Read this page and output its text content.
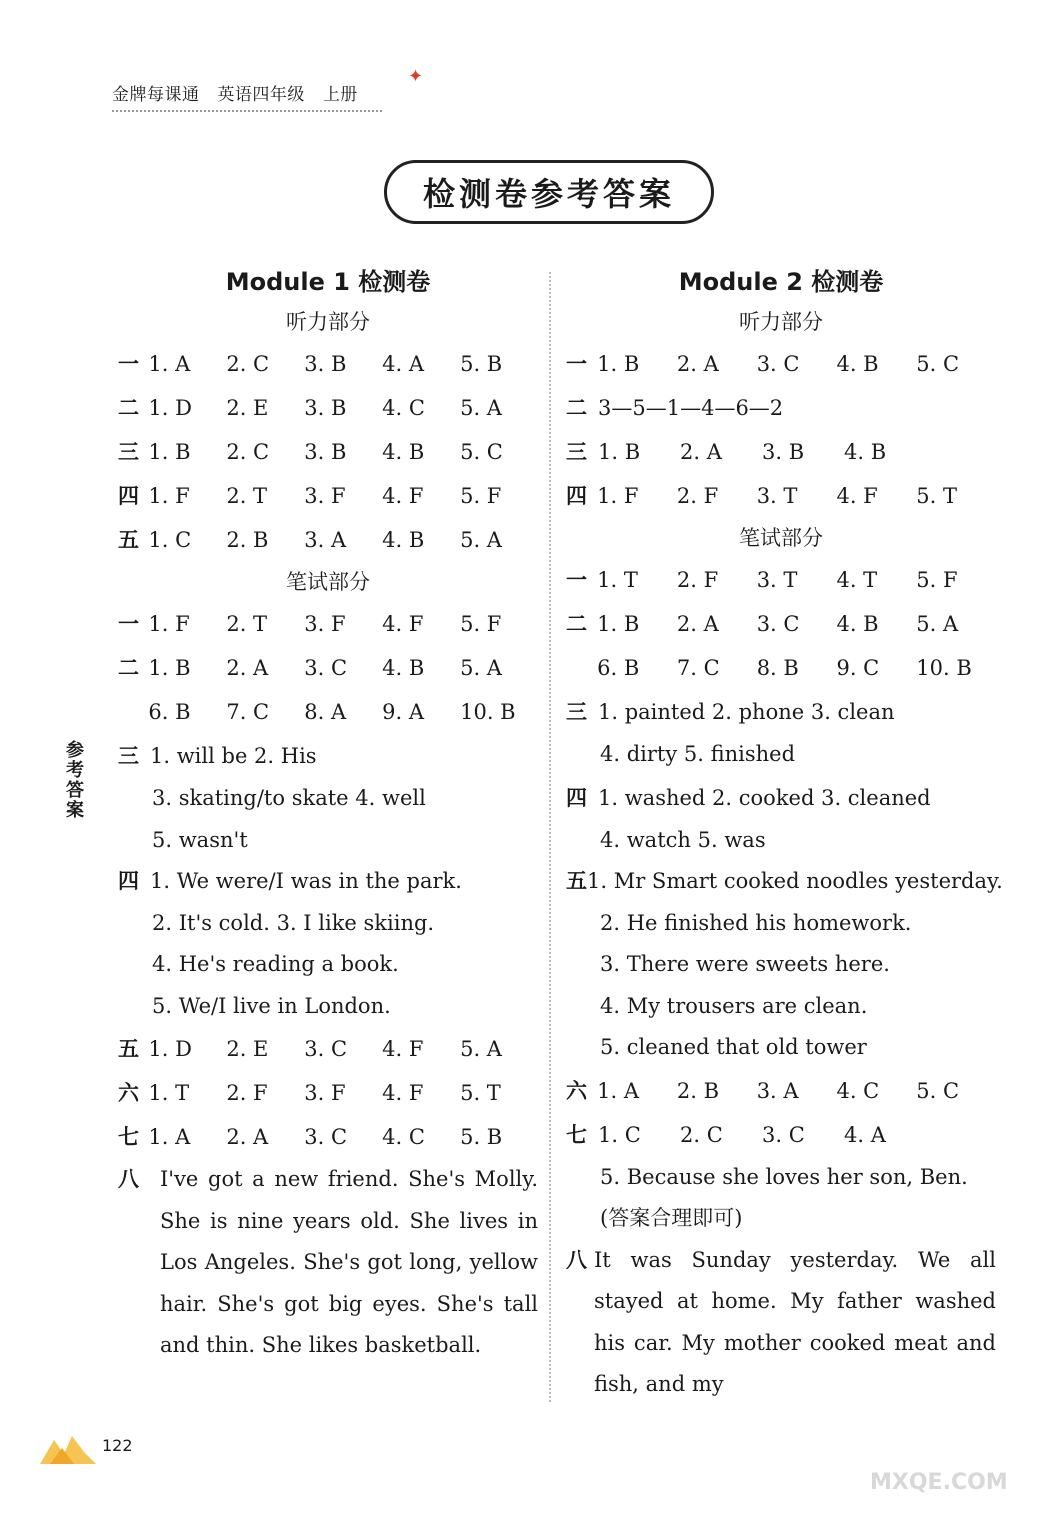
金牌每课通 英语四年级 上册
✦
检测卷参考答案
参考答案
Module 1 检测卷
听力部分
一 1. A	2. C	3. B	4. A	5. B
二 1. D	2. E	3. B	4. C	5. A
三 1. B	2. C	3. B	4. B	5. C
四 1. F	2. T	3. F	4. F	5. F
五 1. C	2. B	3. A	4. B	5. A
笔试部分
一 1. F	2. T	3. F	4. F	5. F
二 1. B	2. A	3. C	4. B	5. A
6. B	7. C	8. A	9. A	10. B
三 1. will be 2. His
3. skating/to skate 4. well
5. wasn't
四 1. We were/I was in the park.
2. It's cold. 3. I like skiing.
4. He's reading a book.
5. We/I live in London.
五 1. D	2. E	3. C	4. F	5. A
六 1. T	2. F	3. F	4. F	5. T
七 1. A	2. A	3. C	4. C	5. B
八	I've got a new friend. She's Molly. She is nine years old. She lives in Los Angeles. She's got long, yellow hair. She's got big eyes. She's tall and thin. She likes basketball.
Module 2 检测卷
听力部分
一 1. B	2. A	3. C	4. B	5. C
二 3—5—1—4—6—2
三 1. B	2. A	3. B	4. B
四 1. F	2. F	3. T	4. F	5. T
笔试部分
一 1. T	2. F	3. T	4. T	5. F
二 1. B	2. A	3. C	4. B	5. A
6. B	7. C	8. B	9. C	10. B
三 1. painted 2. phone 3. clean
4. dirty 5. finished
四 1. washed 2. cooked 3. cleaned
4. watch 5. was
五 1. Mr Smart cooked noodles yesterday.
2. He finished his homework.
3. There were sweets here.
4. My trousers are clean.
5. cleaned that old tower
六 1. A	2. B	3. A	4. C	5. C
七 1. C	2. C	3. C	4. A
5. Because she loves her son, Ben.
(答案合理即可)
八 It was Sunday yesterday. We all stayed at home. My father washed his car. My mother cooked meat and fish, and my
122
MXQE.COM
